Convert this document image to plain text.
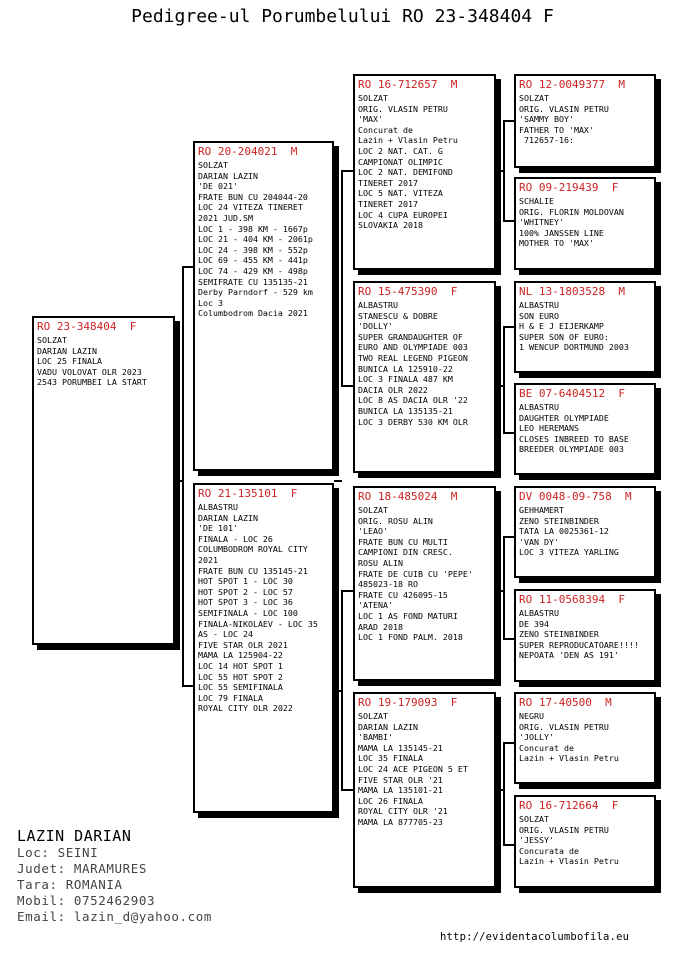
Pedigree-ul Porumbelului RO 23-348404 F
RO 23-348404  F
SOLZAT
DARIAN LAZIN
LOC 25 FINALA
VADU VOLOVAT OLR 2023
2543 PORUMBEI LA START
RO 20-204021  M
SOLZAT
DARIAN LAZIN
'DE 021'
FRATE BUN CU 204044-20
LOC 24 VITEZA TINERET
2021 JUD.SM
LOC 1 - 398 KM - 1667p
LOC 21 - 404 KM - 2061p
LOC 24 - 398 KM - 552p
LOC 69 - 455 KM - 441p
LOC 74 - 429 KM - 498p
SEMIFRATE CU 135135-21
Derby Parndorf - 529 km
Loc 3
Columbodrom Dacia 2021
RO 21-135101  F
ALBASTRU
DARIAN LAZIN
'DE 101'
FINALA - LOC 26
COLUMBODROM ROYAL CITY
2021
FRATE BUN CU 135145-21
HOT SPOT 1 - LOC 30
HOT SPOT 2 - LOC 57
HOT SPOT 3 - LOC 36
SEMIFINALA - LOC 100
FINALA-NIKOLAEV - LOC 35
AS - LOC 24
FIVE STAR OLR 2021
MAMA LA 125904-22
LOC 14 HOT SPOT 1
LOC 55 HOT SPOT 2
LOC 55 SEMIFINALA
LOC 79 FINALA
ROYAL CITY OLR 2022
RO 16-712657  M
SOLZAT
ORIG. VLASIN PETRU
'MAX'
Concurat de
Lazin + Vlasin Petru
LOC 2 NAT. CAT. G
CAMPIONAT OLIMPIC
LOC 2 NAT. DEMIFOND
TINERET 2017
LOC 5 NAT. VITEZA
TINERET 2017
LOC 4 CUPA EUROPEI
SLOVAKIA 2018
RO 15-475390  F
ALBASTRU
STANESCU & DOBRE
'DOLLY'
SUPER GRANDAUGHTER OF
EURO AND OLYMPIADE 003
TWO REAL LEGEND PIGEON
BUNICA LA 125910-22
LOC 3 FINALA 487 KM
DACIA OLR 2022
LOC 8 AS DACIA OLR '22
BUNICA LA 135135-21
LOC 3 DERBY 530 KM OLR
RO 18-485024  M
SOLZAT
ORIG. ROSU ALIN
'LEAO'
FRATE BUN CU MULTI
CAMPIONI DIN CRESC.
ROSU ALIN
FRATE DE CUIB CU 'PEPE'
485023-18 RO
FRATE CU 426095-15
'ATENA'
LOC 1 AS FOND MATURI
ARAD 2018
LOC 1 FOND PALM. 2018
RO 19-179093  F
SOLZAT
DARIAN LAZIN
'BAMBI'
MAMA LA 135145-21
LOC 35 FINALA
LOC 24 ACE PIGEON 5 ET
FIVE STAR OLR '21
MAMA LA 135101-21
LOC 26 FINALA
ROYAL CITY OLR '21
MAMA LA 877705-23
RO 12-0049377  M
SOLZAT
ORIG. VLASIN PETRU
'SAMMY BOY'
FATHER TO 'MAX'
712657-16:
RO 09-219439  F
SCHALIE
ORIG. FLORIN MOLDOVAN
'WHITNEY'
100% JANSSEN LINE
MOTHER TO 'MAX'
NL 13-1803528  M
ALBASTRU
SON EURO
H & E J EIJERKAMP
SUPER SON OF EURO:
1 WENCUP DORTMUND 2003
BE 07-6404512  F
ALBASTRU
DAUGHTER OLYMPIADE
LEO HEREMANS
CLOSES INBREED TO BASE
BREEDER OLYMPIADE 003
DV 0048-09-758  M
GEHHAMERT
ZENO STEINBINDER
TATA LA 0025361-12
'VAN DY'
LOC 3 VITEZA YARLING
RO 11-0568394  F
ALBASTRU
DE 394
ZENO STEINBINDER
SUPER REPRODUCATOARE!!!!
NEPOATA 'DEN AS 191'
RO 17-40500  M
NEGRU
ORIG. VLASIN PETRU
'JOLLY'
Concurat de
Lazin + Vlasin Petru
RO 16-712664  F
SOLZAT
ORIG. VLASIN PETRU
'JESSY'
Concurata de
Lazin + Vlasin Petru
LAZIN DARIAN
Loc: SEINI
Judet: MARAMURES
Tara: ROMANIA
Mobil: 0752462903
Email: lazin_d@yahoo.com
http://evidentacolumbofila.eu
